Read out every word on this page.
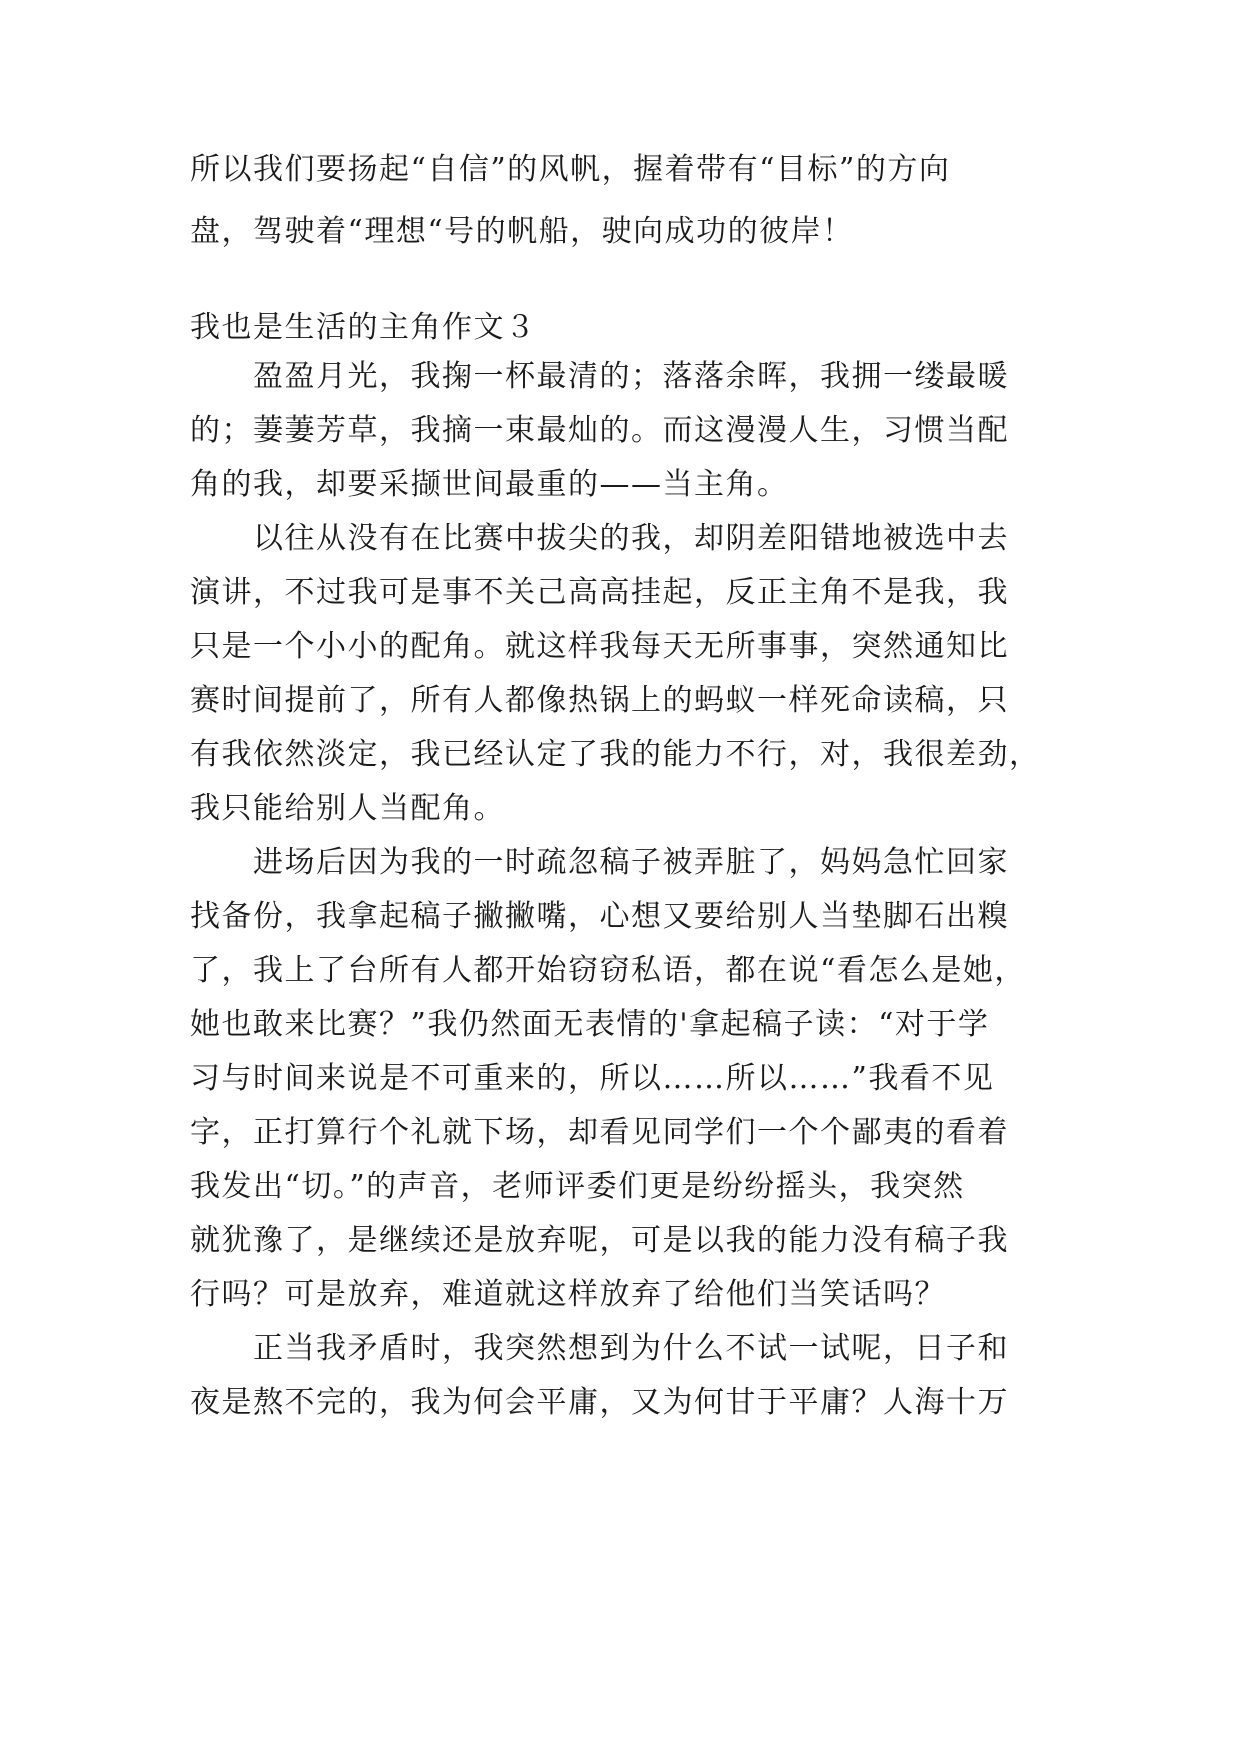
所以我们要扬起“自信”的风帆，握着带有“目标”的方向
盘，驾驶着“理想“号的帆船，驶向成功的彼岸！
我也是生活的主角作文３
盈盈月光，我掬一杯最清的；落落余晖，我拥一缕最暖
的；萋萋芳草，我摘一束最灿的。而这漫漫人生，习惯当配
角的我，却要采撷世间最重的——当主角。
以往从没有在比赛中拔尖的我，却阴差阳错地被选中去
演讲，不过我可是事不关己高高挂起，反正主角不是我，我
只是一个小小的配角。就这样我每天无所事事，突然通知比
赛时间提前了，所有人都像热锅上的蚂蚁一样死命读稿，只
有我依然淡定，我已经认定了我的能力不行，对，我很差劲，
我只能给别人当配角。
进场后因为我的一时疏忽稿子被弄脏了，妈妈急忙回家
找备份，我拿起稿子撇撇嘴，心想又要给别人当垫脚石出糗
了，我上了台所有人都开始窃窃私语，都在说“看怎么是她，
她也敢来比赛？”我仍然面无表情的'拿起稿子读：“对于学
习与时间来说是不可重来的，所以……所以……”我看不见
字，正打算行个礼就下场，却看见同学们一个个鄙夷的看着
我发出“切。”的声音，老师评委们更是纷纷摇头，我突然
就犹豫了，是继续还是放弃呢，可是以我的能力没有稿子我
行吗？可是放弃，难道就这样放弃了给他们当笑话吗？
正当我矛盾时，我突然想到为什么不试一试呢，日子和
夜是熬不完的，我为何会平庸，又为何甘于平庸？人海十万
